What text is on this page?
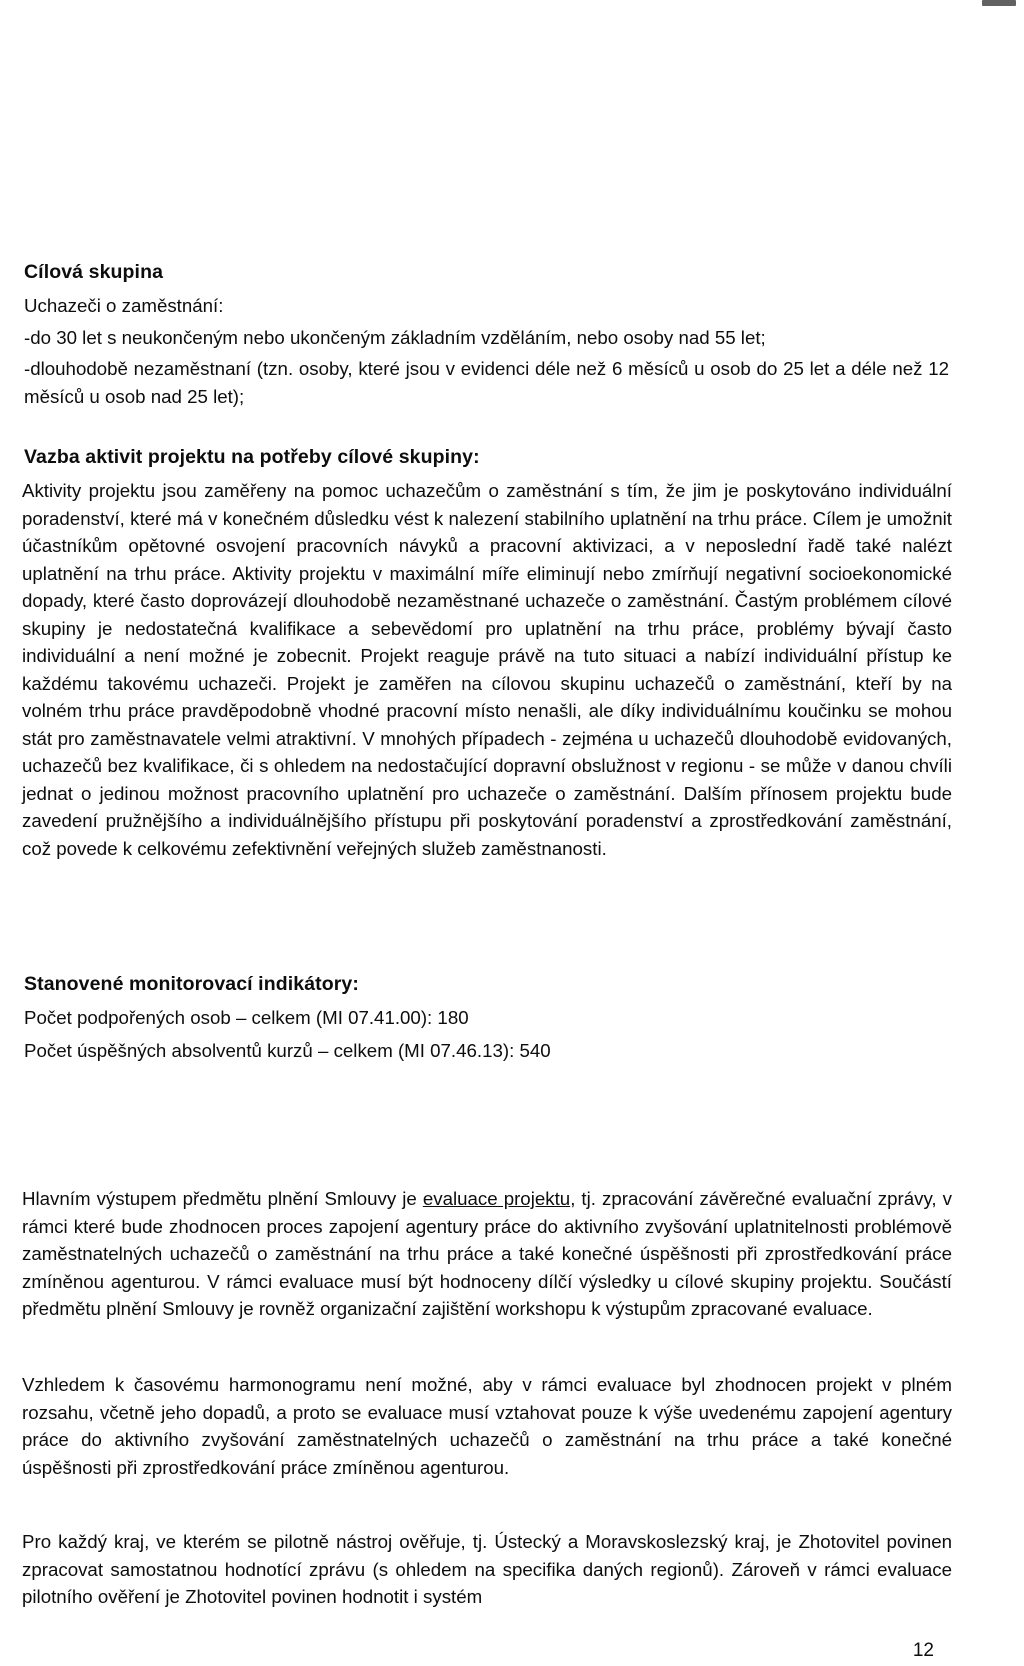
Cílová skupina

Uchazeči o zaměstnání:

-do 30 let s neukončeným nebo ukončeným základním vzděláním, nebo osoby nad 55 let;

-dlouhodobě nezaměstnaní (tzn. osoby, které jsou v evidenci déle než 6 měsíců u osob do 25 let a déle než 12 měsíců u osob nad 25 let);

Vazba aktivit projektu na potřeby cílové skupiny:

Aktivity projektu jsou zaměřeny na pomoc uchazečům o zaměstnání s tím, že jim je poskytováno individuální poradenství, které má v konečném důsledku vést k nalezení stabilního uplatnění na trhu práce. Cílem je umožnit účastníkům opětovné osvojení pracovních návyků a pracovní aktivizaci, a v neposlední řadě také nalézt uplatnění na trhu práce. Aktivity projektu v maximální míře eliminují nebo zmírňují negativní socioekonomické dopady, které často doprovázejí dlouhodobě nezaměstnané uchazeče o zaměstnání. Častým problémem cílové skupiny je nedostatečná kvalifikace a sebevědomí pro uplatnění na trhu práce, problémy bývají často individuální a není možné je zobecnit. Projekt reaguje právě na tuto situaci a nabízí individuální přístup ke každému takovému uchazeči. Projekt je zaměřen na cílovou skupinu uchazečů o zaměstnání, kteří by na volném trhu práce pravděpodobně vhodné pracovní místo nenašli, ale díky individuálnímu koučinku se mohou stát pro zaměstnavatele velmi atraktivní. V mnohých případech - zejména u uchazečů dlouhodobě evidovaných, uchazečů bez kvalifikace, či s ohledem na nedostačující dopravní obslužnost v regionu - se může v danou chvíli jednat o jedinou možnost pracovního uplatnění pro uchazeče o zaměstnání. Dalším přínosem projektu bude zavedení pružnějšího a individuálnějšího přístupu při poskytování poradenství a zprostředkování zaměstnání, což povede k celkovému zefektivnění veřejných služeb zaměstnanosti.

Stanovené monitorovací indikátory:

Počet podpořených osob – celkem (MI 07.41.00): 180

Počet úspěšných absolventů kurzů – celkem (MI 07.46.13): 540

Hlavním výstupem předmětu plnění Smlouvy je evaluace projektu, tj. zpracování závěrečné evaluační zprávy, v rámci které bude zhodnocen proces zapojení agentury práce do aktivního zvyšování uplatnitelnosti problémově zaměstnatelných uchazečů o zaměstnání na trhu práce a také konečné úspěšnosti při zprostředkování práce zmíněnou agenturou. V rámci evaluace musí být hodnoceny dílčí výsledky u cílové skupiny projektu. Součástí předmětu plnění Smlouvy je rovněž organizační zajištění workshopu k výstupům zpracované evaluace.

Vzhledem k časovému harmonogramu není možné, aby v rámci evaluace byl zhodnocen projekt v plném rozsahu, včetně jeho dopadů, a proto se evaluace musí vztahovat pouze k výše uvedenému zapojení agentury práce do aktivního zvyšování zaměstnatelných uchazečů o zaměstnání na trhu práce a také konečné úspěšnosti při zprostředkování práce zmíněnou agenturou.

Pro každý kraj, ve kterém se pilotně nástroj ověřuje, tj. Ústecký a Moravskoslezský kraj, je Zhotovitel povinen zpracovat samostatnou hodnotící zprávu (s ohledem na specifika daných regionů). Zároveň v rámci evaluace pilotního ověření je Zhotovitel povinen hodnotit i systém

12
